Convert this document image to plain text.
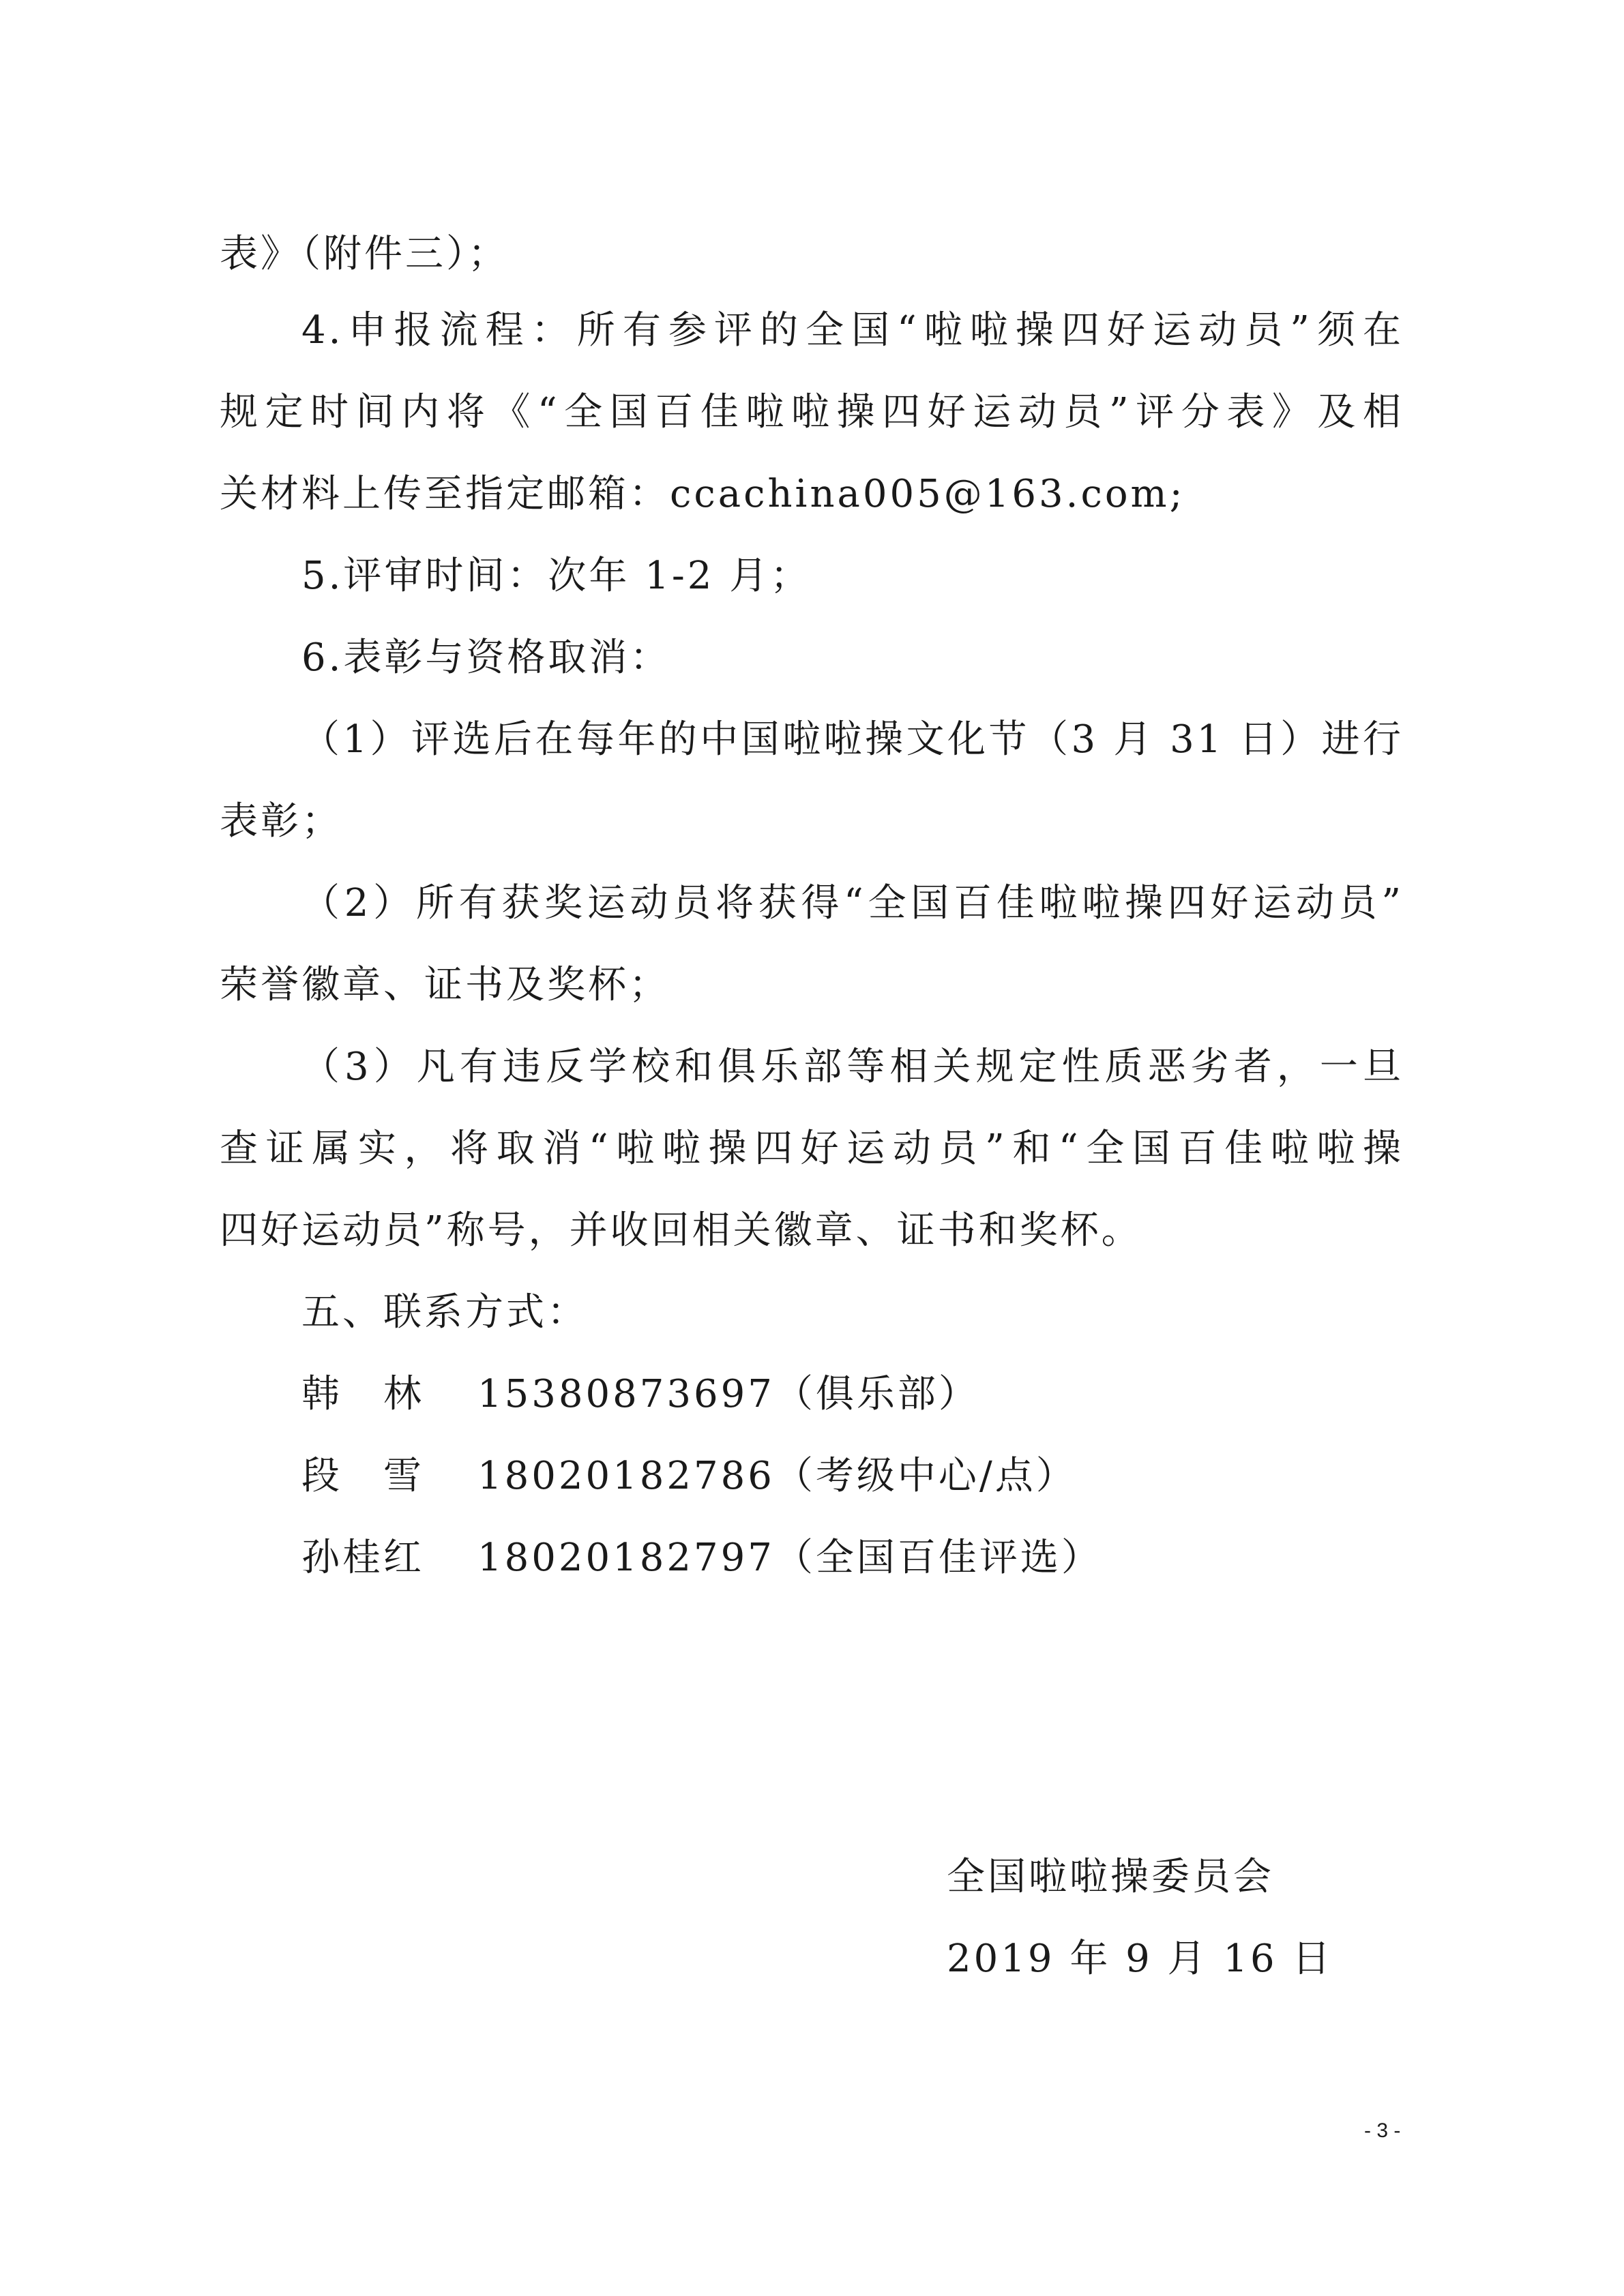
表》（附件三）；
4.申报流程：所有参评的全国“啦啦操四好运动员”须在
规定时间内将《“全国百佳啦啦操四好运动员”评分表》及相
关材料上传至指定邮箱：ccachina005@163.com;
5.评审时间：次年 1-2 月；
6.表彰与资格取消：
（1）评选后在每年的中国啦啦操文化节（3 月 31 日）进行
表彰；
（2）所有获奖运动员将获得“全国百佳啦啦操四好运动员”
荣誉徽章、证书及奖杯；
（3）凡有违反学校和俱乐部等相关规定性质恶劣者，一旦
查证属实，将取消“啦啦操四好运动员”和“全国百佳啦啦操
四好运动员”称号，并收回相关徽章、证书和奖杯。
五、联系方式：
韩　林 15380873697（俱乐部）
段　雪 18020182786（考级中心/点）
孙桂红 18020182797（全国百佳评选）
全国啦啦操委员会
2019 年 9 月 16 日
- 3 -
